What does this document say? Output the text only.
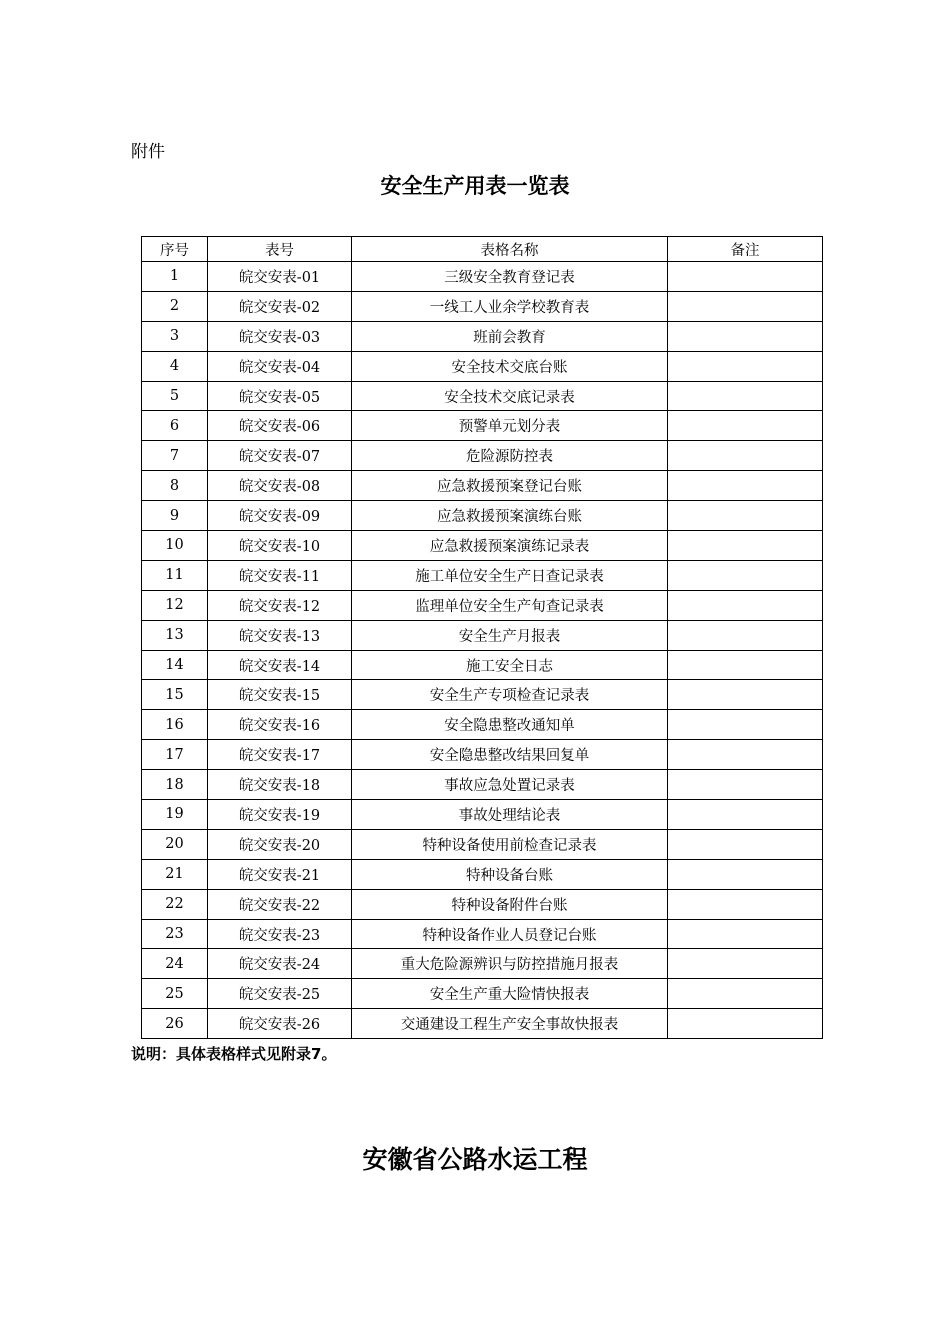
附件
安全生产用表一览表
序号	表号	表格名称	备注
1	皖交安表-01	三级安全教育登记表	
2	皖交安表-02	一线工人业余学校教育表	
3	皖交安表-03	班前会教育	
4	皖交安表-04	安全技术交底台账	
5	皖交安表-05	安全技术交底记录表	
6	皖交安表-06	预警单元划分表	
7	皖交安表-07	危险源防控表	
8	皖交安表-08	应急救援预案登记台账	
9	皖交安表-09	应急救援预案演练台账	
10	皖交安表-10	应急救援预案演练记录表	
11	皖交安表-11	施工单位安全生产日查记录表	
12	皖交安表-12	监理单位安全生产旬查记录表	
13	皖交安表-13	安全生产月报表	
14	皖交安表-14	施工安全日志	
15	皖交安表-15	安全生产专项检查记录表	
16	皖交安表-16	安全隐患整改通知单	
17	皖交安表-17	安全隐患整改结果回复单	
18	皖交安表-18	事故应急处置记录表	
19	皖交安表-19	事故处理结论表	
20	皖交安表-20	特种设备使用前检查记录表	
21	皖交安表-21	特种设备台账	
22	皖交安表-22	特种设备附件台账	
23	皖交安表-23	特种设备作业人员登记台账	
24	皖交安表-24	重大危险源辨识与防控措施月报表	
25	皖交安表-25	安全生产重大险情快报表	
26	皖交安表-26	交通建设工程生产安全事故快报表	
说明：具体表格样式见附录7。
安徽省公路水运工程
